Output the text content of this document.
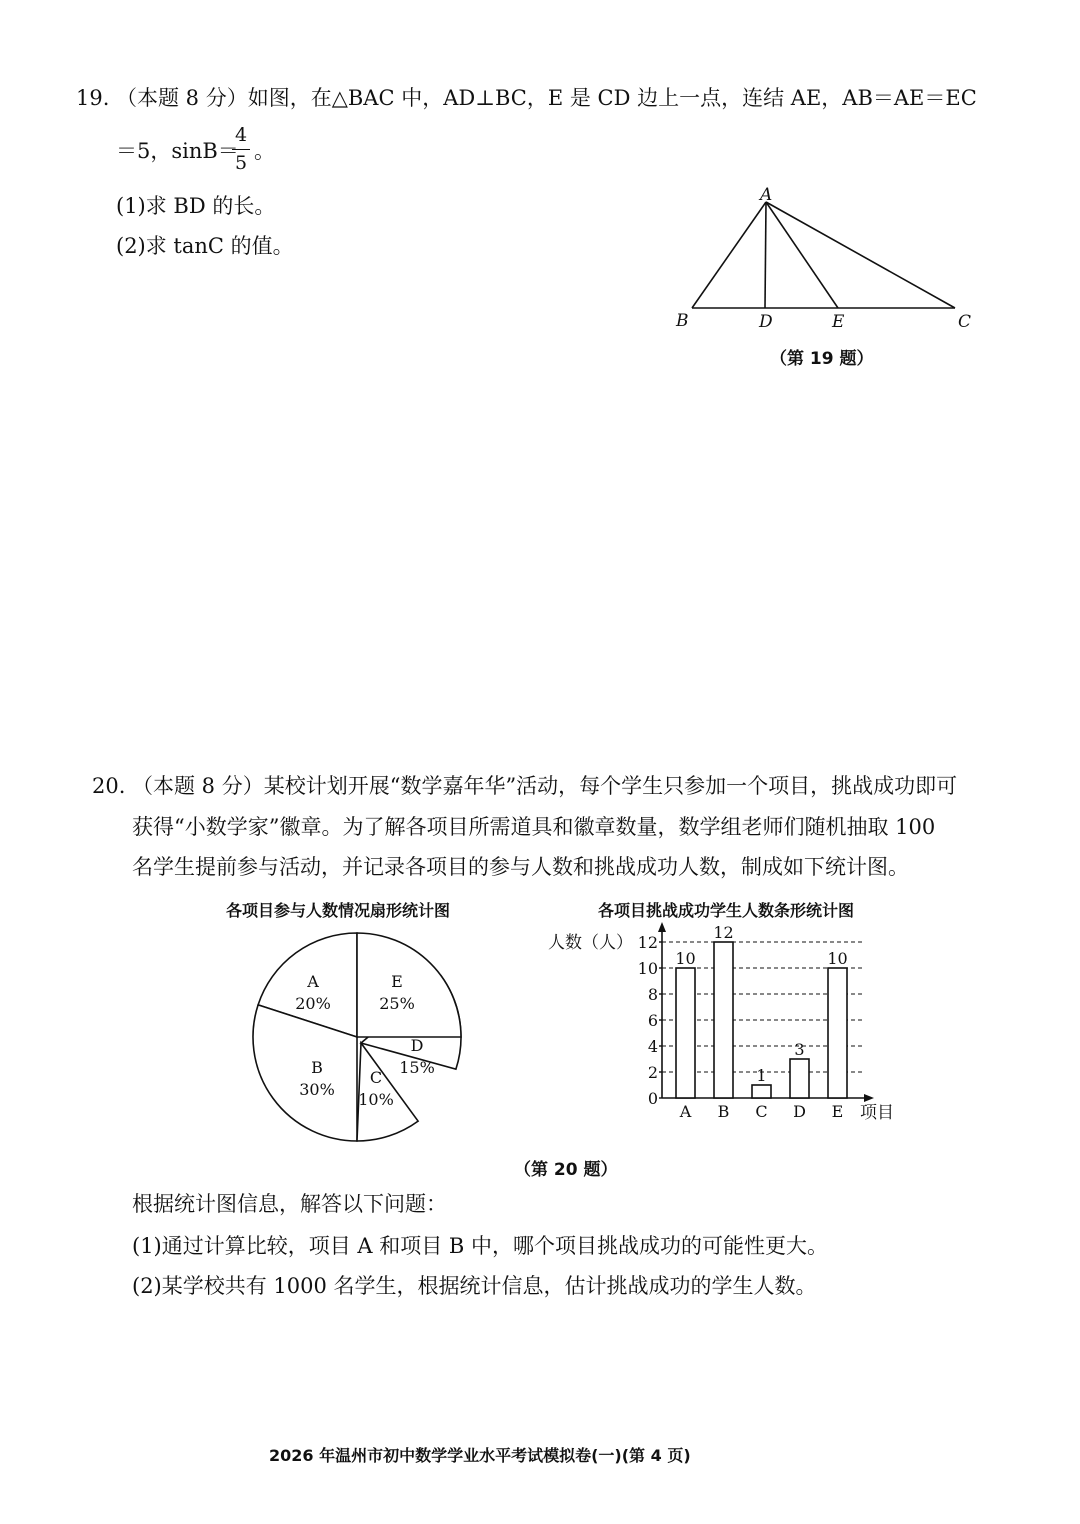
19. （本题 8 分）如图，在△BAC 中，AD⊥BC，E 是 CD 边上一点，连结 AE，AB＝AE＝EC
＝5，sinB＝
4
5 。
(1)求 BD 的长。
(2)求 tanC 的值。
A
B	D	E	C
（第 19 题）
20. （本题 8 分）某校计划开展“数学嘉年华”活动，每个学生只参加一个项目，挑战成功即可
获得“小数学家”徽章。为了解各项目所需道具和徽章数量，数学组老师们随机抽取 100
名学生提前参与活动，并记录各项目的参与人数和挑战成功人数，制成如下统计图。
各项目参与人数情况扇形统计图
A
20%
B
30%
C
10%
D
15%
E
25%
各项目挑战成功学生人数条形统计图
0
2
4
6
8
10
12
人数（人）
项目
10
A
12
B
1
C
3
D
10
E
（第 20 题）
根据统计图信息，解答以下问题：
(1)通过计算比较，项目 A 和项目 B 中，哪个项目挑战成功的可能性更大。
(2)某学校共有 1000 名学生，根据统计信息，估计挑战成功的学生人数。
2026 年温州市初中数学学业水平考试模拟卷(一)(第 4 页)
